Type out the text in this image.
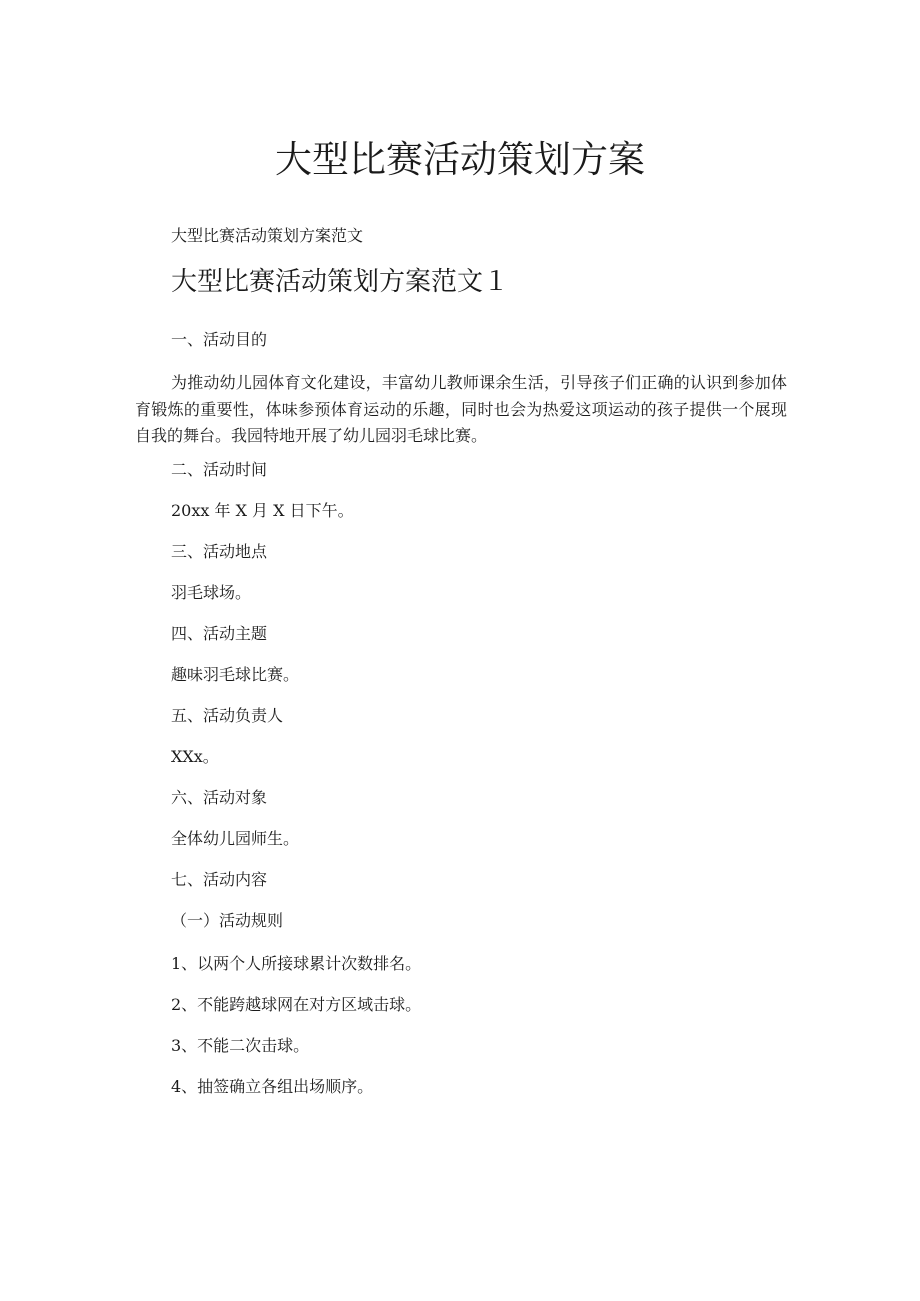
大型比赛活动策划方案

大型比赛活动策划方案范文

大型比赛活动策划方案范文１

一、活动目的

为推动幼儿园体育文化建设，丰富幼儿教师课余生活，引导孩子们正确的认识到参加体育锻炼的重要性，体味参预体育运动的乐趣，同时也会为热爱这项运动的孩子提供一个展现自我的舞台。我园特地开展了幼儿园羽毛球比赛。

二、活动时间

20xx 年 X 月 X 日下午。

三、活动地点

羽毛球场。

四、活动主题

趣味羽毛球比赛。

五、活动负责人

XXx。

六、活动对象

全体幼儿园师生。

七、活动内容

（一）活动规则

1、以两个人所接球累计次数排名。

2、不能跨越球网在对方区域击球。

3、不能二次击球。

4、抽签确立各组出场顺序。
